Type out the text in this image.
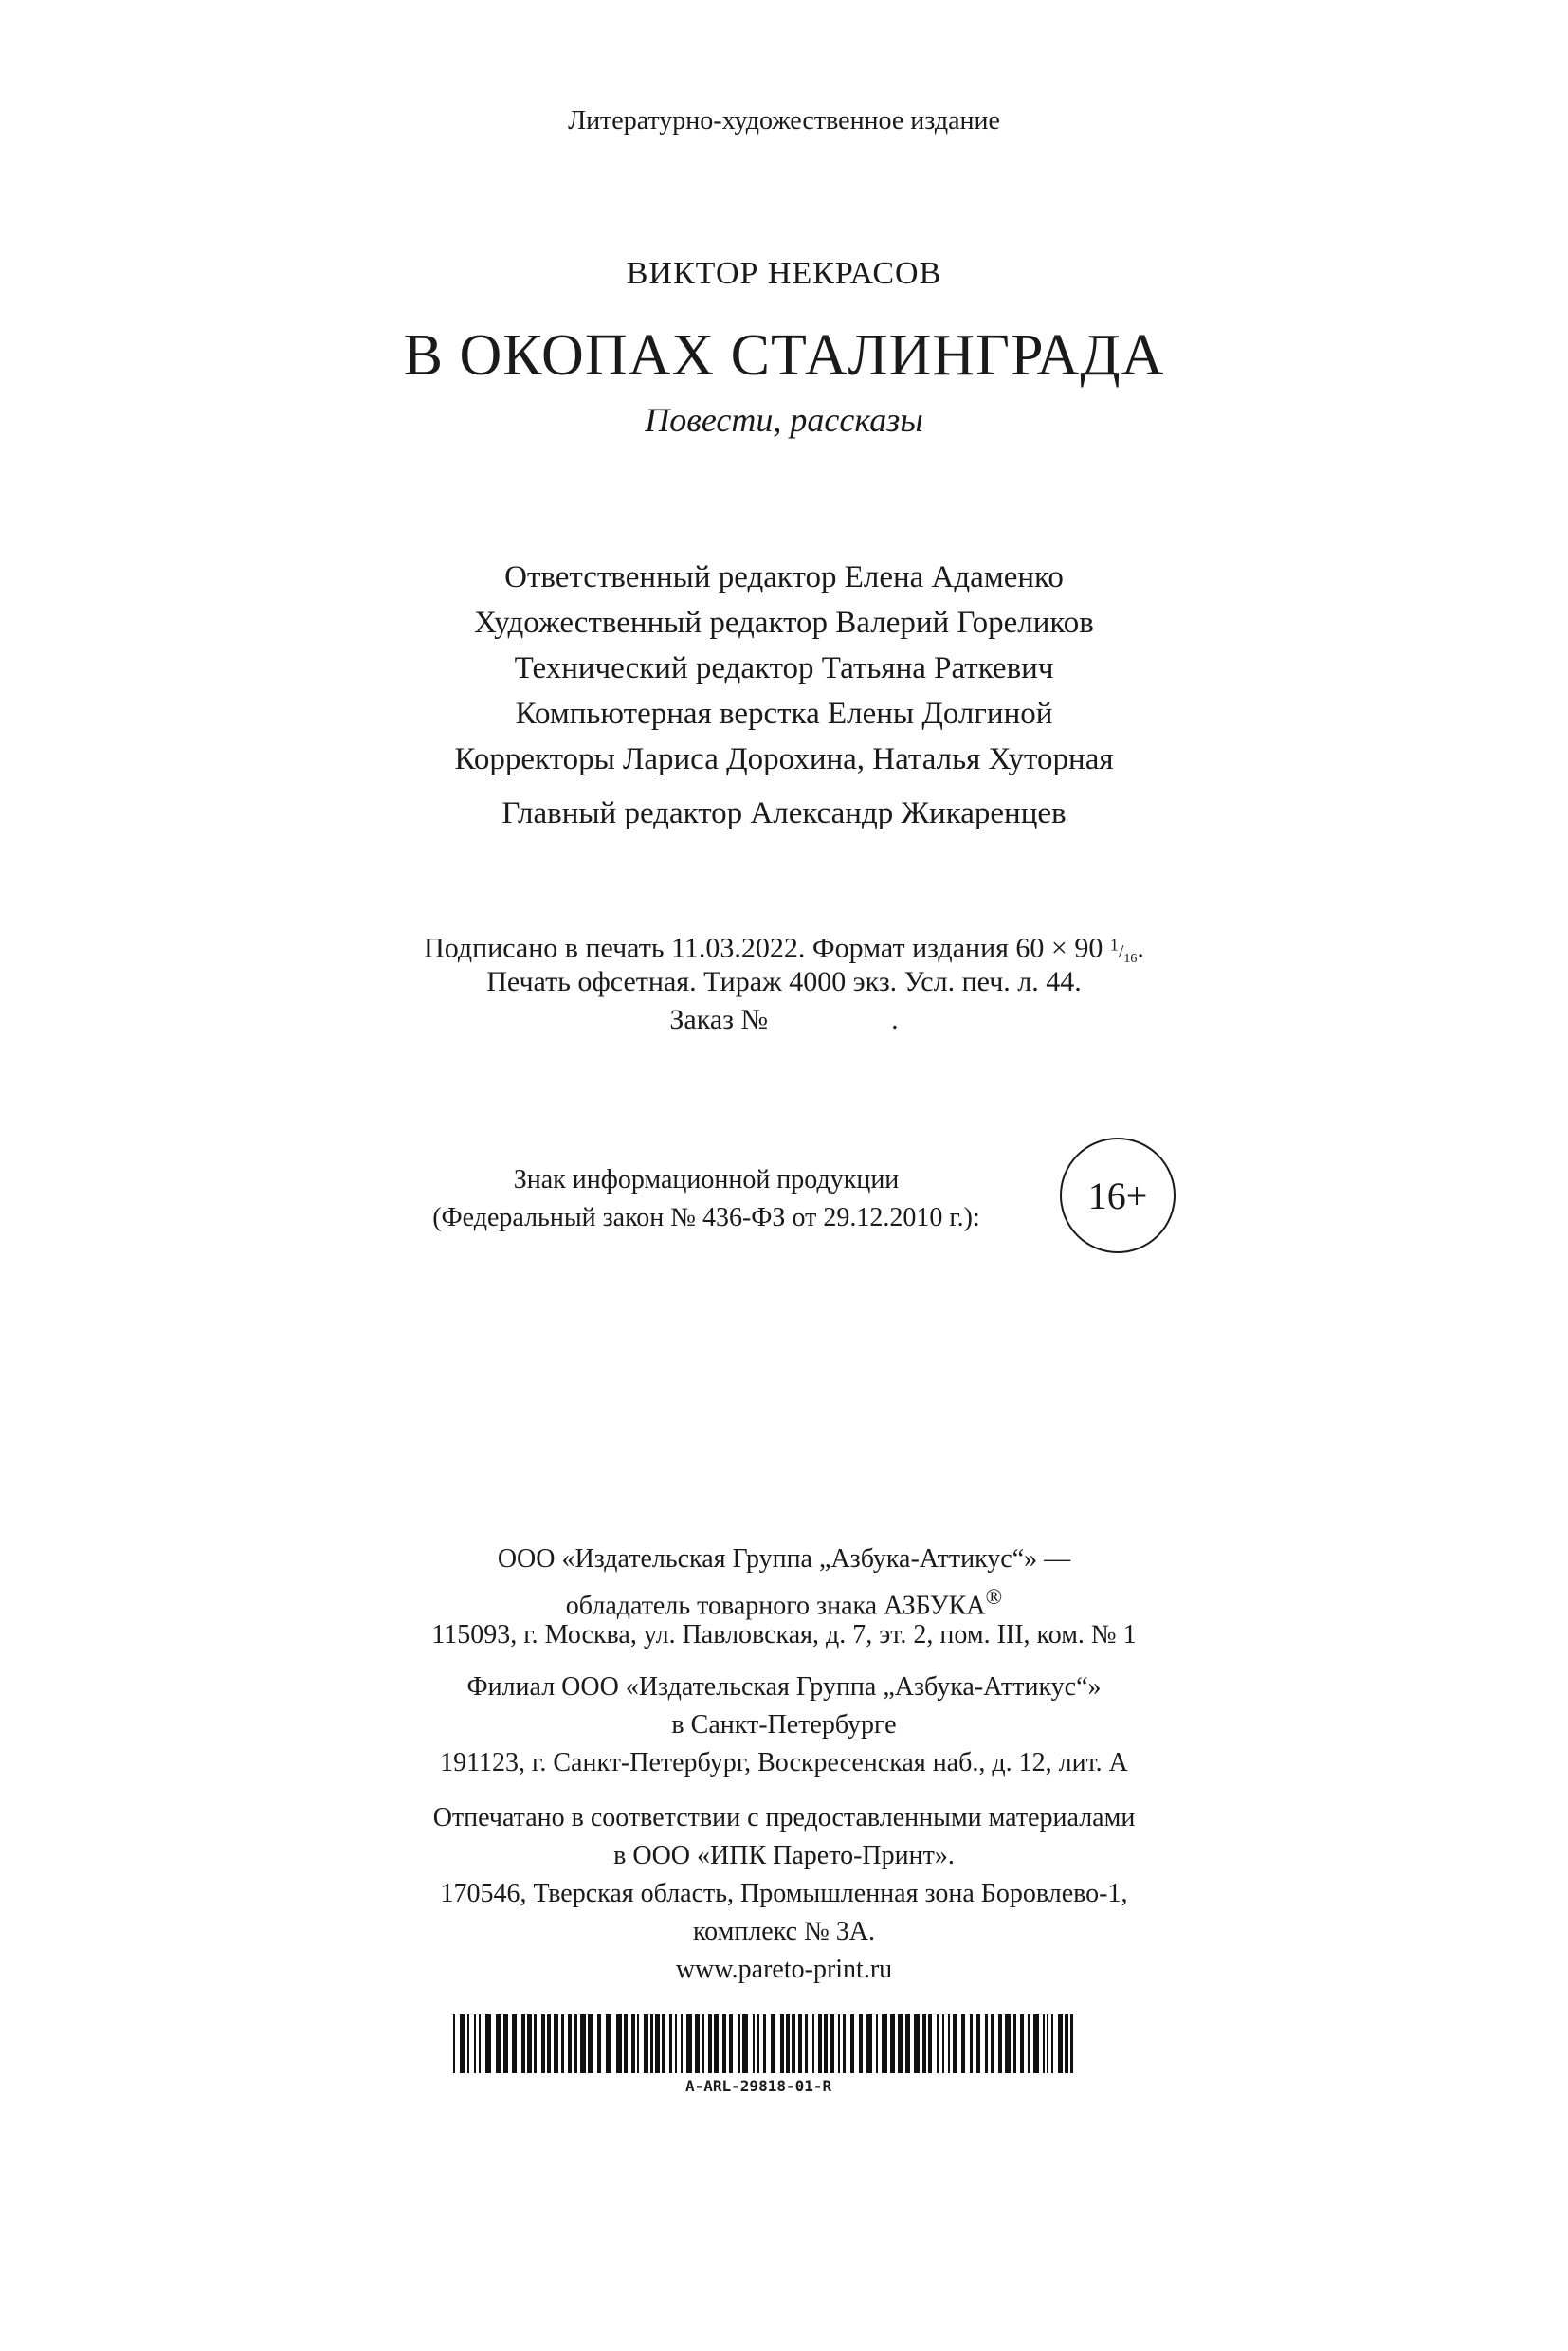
Литературно-художественное издание
ВИКТОР НЕКРАСОВ
В ОКОПАХ СТАЛИНГРАДА
Повести, рассказы
Ответственный редактор Елена Адаменко
Художественный редактор Валерий Гореликов
Технический редактор Татьяна Раткевич
Компьютерная верстка Елены Долгиной
Корректоры Лариса Дорохина, Наталья Хуторная
Главный редактор Александр Жикаренцев
Подписано в печать 11.03.2022. Формат издания 60 × 90 $1/_{16}$.
Печать офсетная. Тираж 4000 экз. Усл. печ. л. 44.
Заказ №	.
Знак информационной продукции
(Федеральный закон № 436-ФЗ от 29.12.2010 г.):
16+
ООО «Издательская Группа „Азбука-Аттикус“» —
обладатель товарного знака АЗБУКА®
115093, г. Москва, ул. Павловская, д. 7, эт. 2, пом. III, ком. № 1
Филиал ООО «Издательская Группа „Азбука-Аттикус“»
в Санкт-Петербурге
191123, г. Санкт-Петербург, Воскресенская наб., д. 12, лит. А
Отпечатано в соответствии с предоставленными материалами
в ООО «ИПК Парето-Принт».
170546, Тверская область, Промышленная зона Боровлево-1,
комплекс № 3А.
www.pareto-print.ru
A-ARL-29818-01-R
